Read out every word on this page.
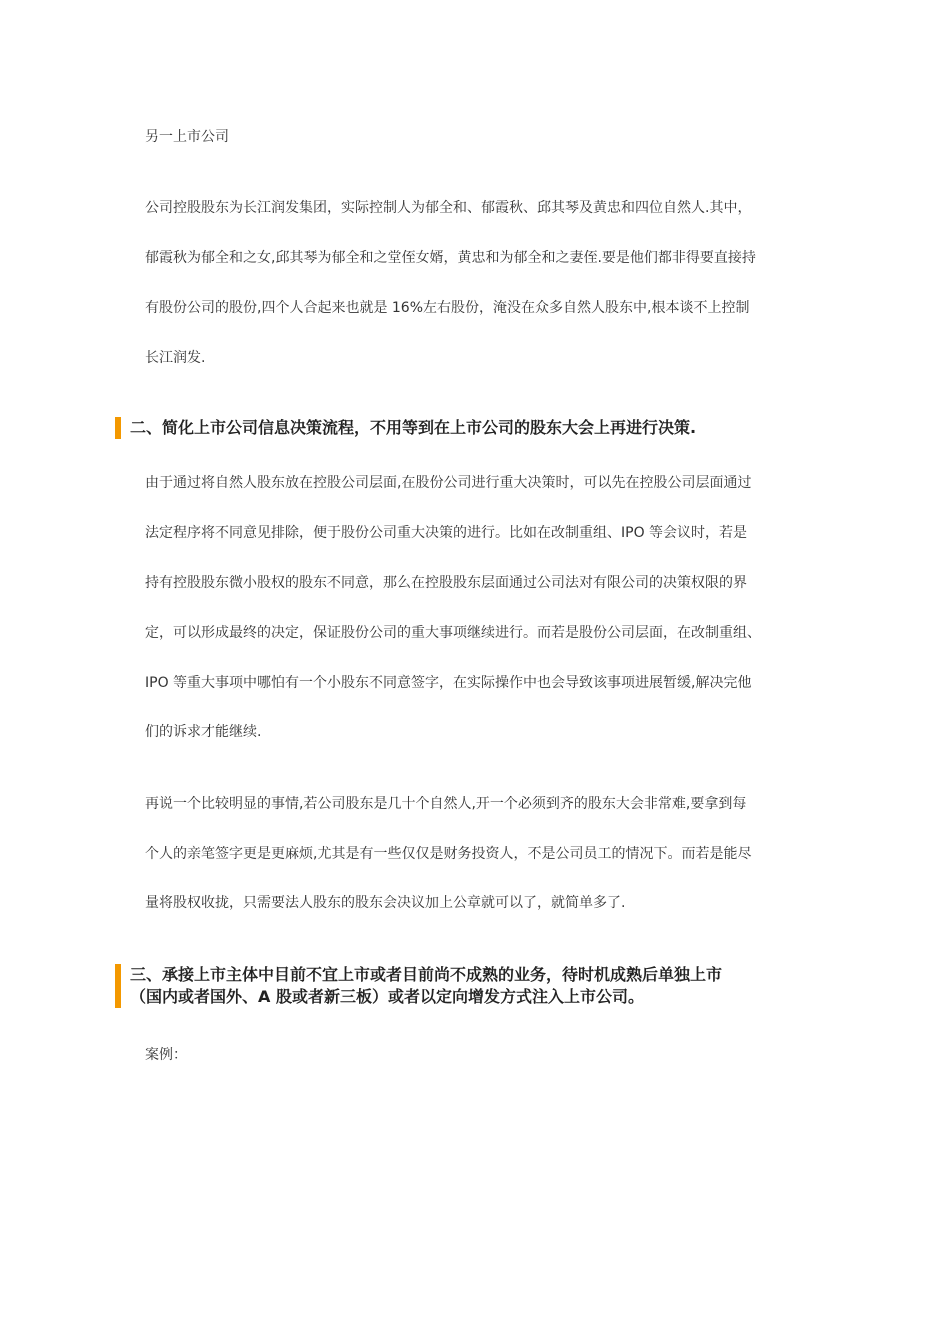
另一上市公司
公司控股股东为长江润发集团，实际控制人为郁全和、郁霞秋、邱其琴及黄忠和四位自然人.其中，
郁霞秋为郁全和之女,邱其琴为郁全和之堂侄女婿，黄忠和为郁全和之妻侄.要是他们都非得要直接持
有股份公司的股份,四个人合起来也就是 16%左右股份，淹没在众多自然人股东中,根本谈不上控制
长江润发.
二、简化上市公司信息决策流程，不用等到在上市公司的股东大会上再进行决策.
由于通过将自然人股东放在控股公司层面,在股份公司进行重大决策时，可以先在控股公司层面通过
法定程序将不同意见排除，便于股份公司重大决策的进行。比如在改制重组、IPO 等会议时，若是
持有控股股东微小股权的股东不同意，那么在控股股东层面通过公司法对有限公司的决策权限的界
定，可以形成最终的决定，保证股份公司的重大事项继续进行。而若是股份公司层面，在改制重组、
IPO 等重大事项中哪怕有一个小股东不同意签字，在实际操作中也会导致该事项进展暂缓,解决完他
们的诉求才能继续.
再说一个比较明显的事情,若公司股东是几十个自然人,开一个必须到齐的股东大会非常难,要拿到每
个人的亲笔签字更是更麻烦,尤其是有一些仅仅是财务投资人，不是公司员工的情况下。而若是能尽
量将股权收拢，只需要法人股东的股东会决议加上公章就可以了，就简单多了.
三、承接上市主体中目前不宜上市或者目前尚不成熟的业务，待时机成熟后单独上市
（国内或者国外、A 股或者新三板）或者以定向增发方式注入上市公司。
案例：
